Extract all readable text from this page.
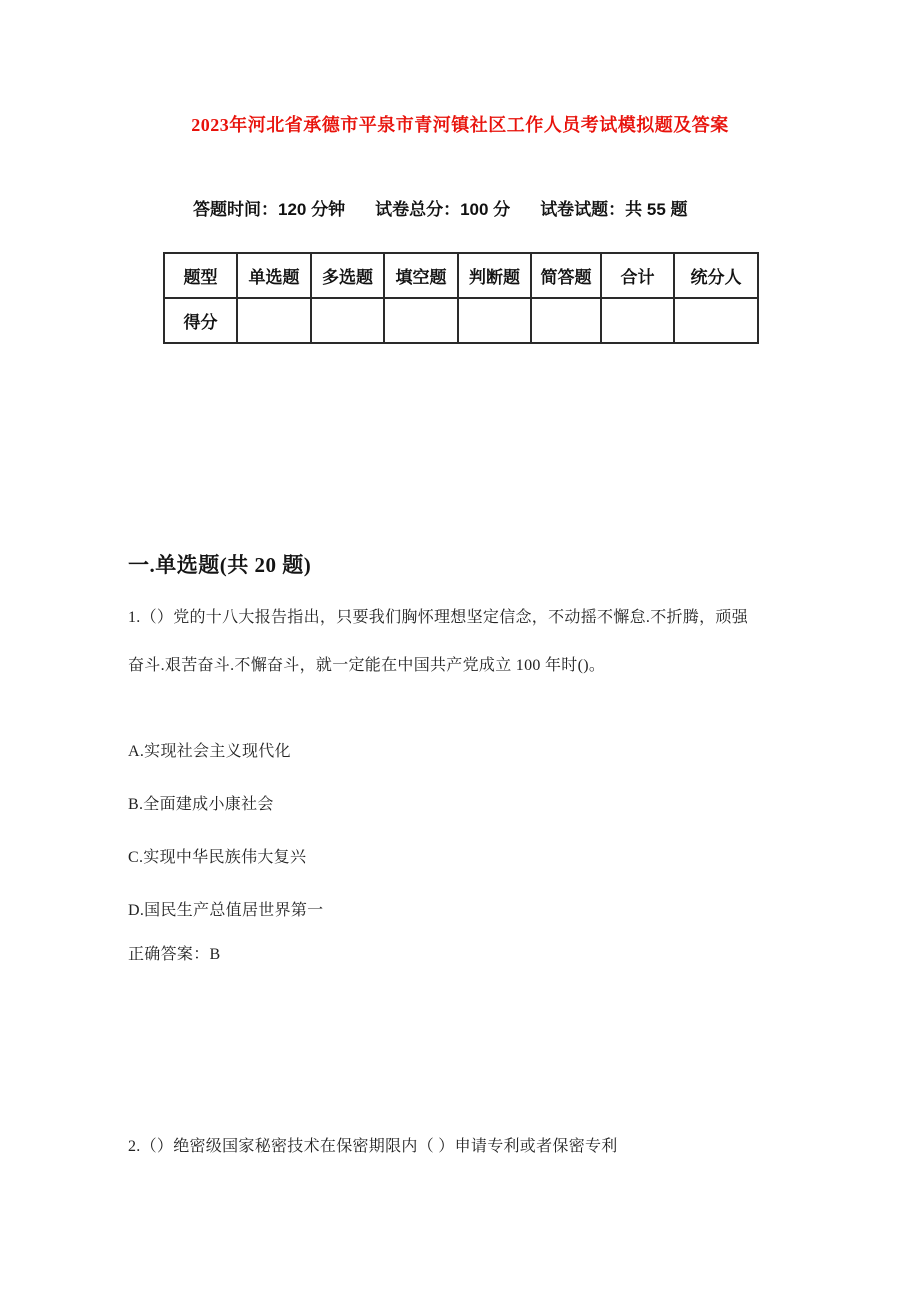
2023年河北省承德市平泉市青河镇社区工作人员考试模拟题及答案
答题时间：120 分钟 试卷总分：100 分 试卷试题：共 55 题
题型	单选题	多选题	填空题	判断题	简答题	合计	统分人
得分							
一.单选题(共 20 题)
1.（）党的十八大报告指出，只要我们胸怀理想坚定信念，不动摇不懈怠.不折腾，顽强
奋斗.艰苦奋斗.不懈奋斗，就一定能在中国共产党成立 100 年时()。
A.实现社会主义现代化
B.全面建成小康社会
C.实现中华民族伟大复兴
D.国民生产总值居世界第一
正确答案：B
2.（）绝密级国家秘密技术在保密期限内（ ）申请专利或者保密专利
